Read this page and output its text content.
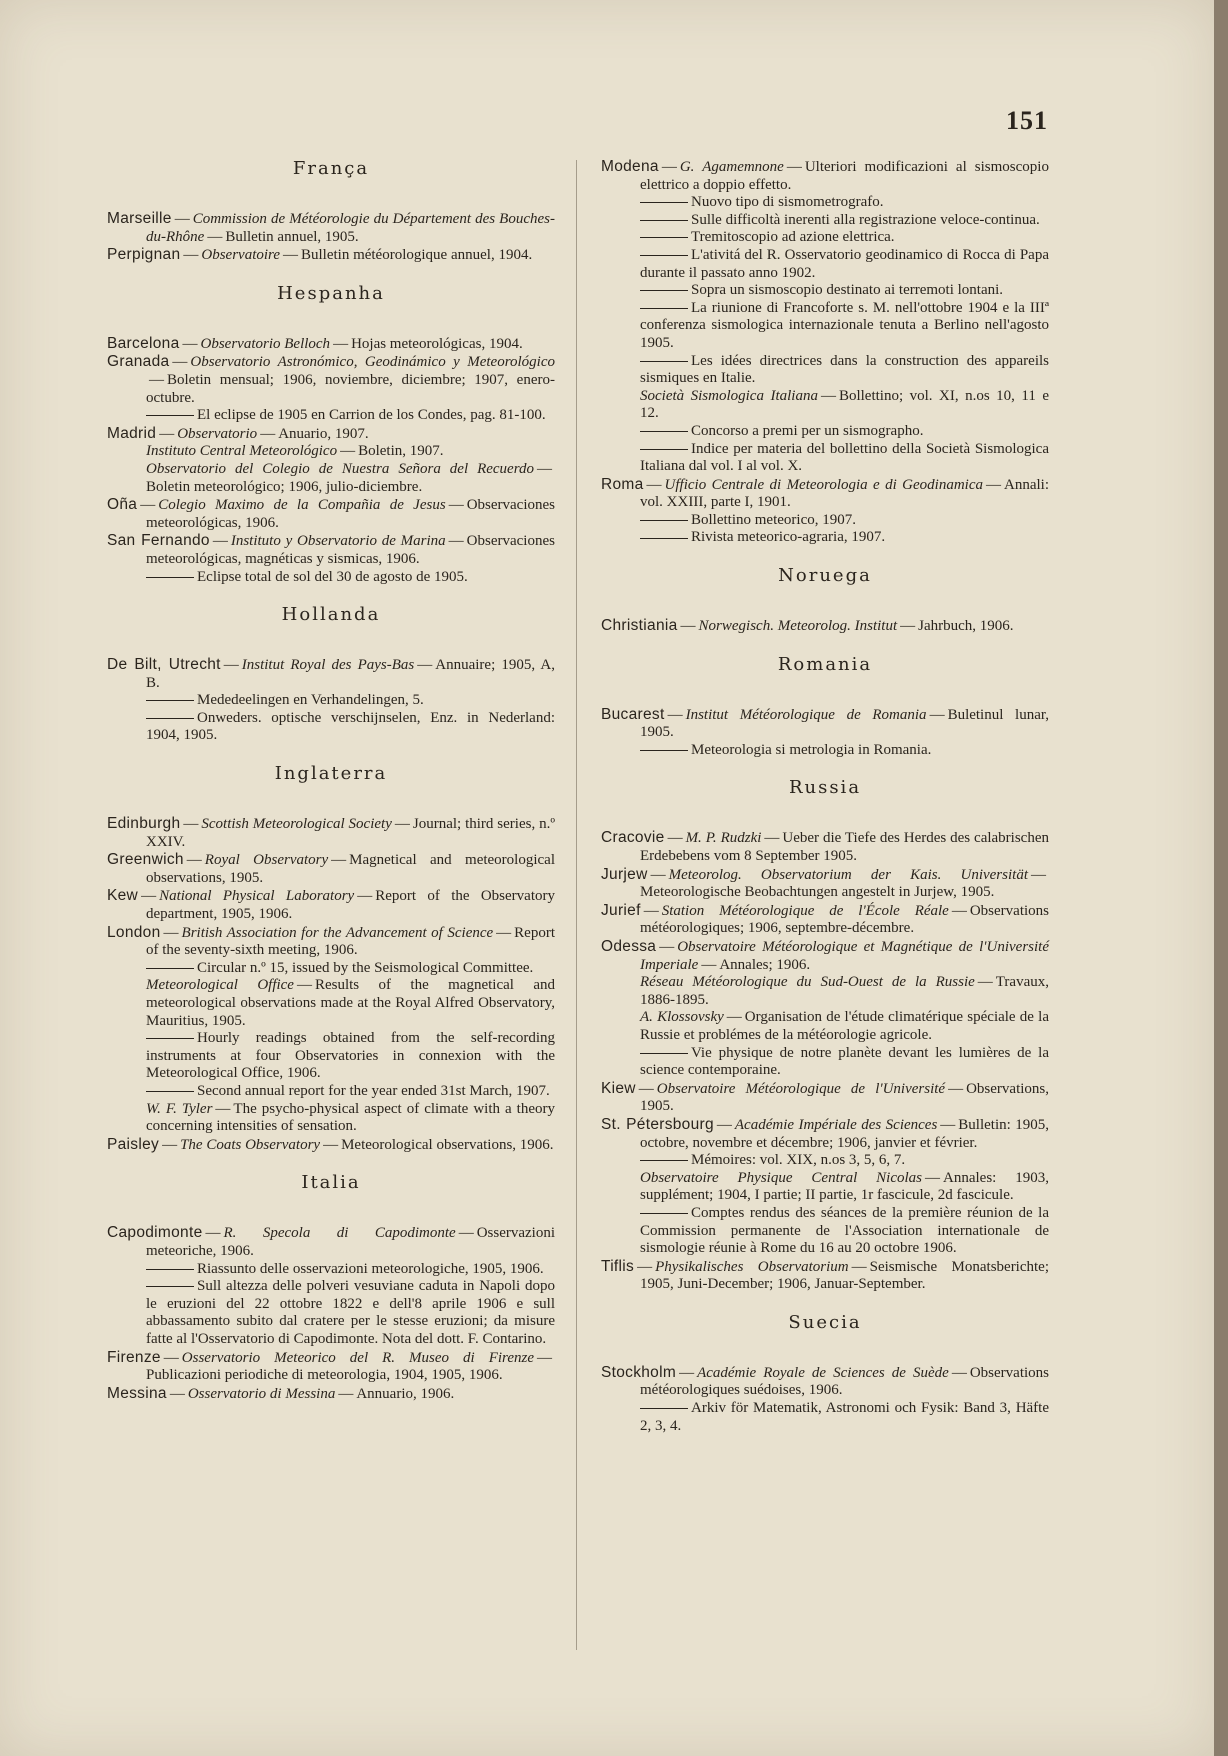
151
França

Marseille — Commission de Météorologie du Département des Bouches-du-Rhône — Bulletin annuel, 1905.

Perpignan — Observatoire — Bulletin météorologique annuel, 1904.

Hespanha

Barcelona — Observatorio Belloch — Hojas meteorológicas, 1904.

Granada — Observatorio Astronómico, Geodinámico y Meteorológico— Boletin mensual; 1906, noviembre, diciembre; 1907, enero-octubre.

El eclipse de 1905 en Carrion de los Condes, pag. 81-100.

Madrid — Observatorio — Anuario, 1907.

Instituto Central Meteorológico — Boletin, 1907.

Observatorio del Colegio de Nuestra Señora del Recuerdo —Boletin meteorológico; 1906, julio-diciembre.

Oña — Colegio Maximo de la Compañia de Jesus — Observaciones meteorológicas, 1906.

San Fernando — Instituto y Observatorio de Marina — Observaciones meteorológicas, magnéticas y sismicas, 1906.

Eclipse total de sol del 30 de agosto de 1905.

Hollanda

De Bilt, Utrecht — Institut Royal des Pays-Bas — Annuaire; 1905, A, B.

Mededeelingen en Verhandelingen, 5.

Onweders. optische verschijnselen, Enz. in Nederland: 1904, 1905.

Inglaterra

Edinburgh — Scottish Meteorological Society — Journal; third series, n.º XXIV.

Greenwich — Royal Observatory — Magnetical and meteorological observations, 1905.

Kew — National Physical Laboratory — Report of the Observatory department, 1905, 1906.

London — British Association for the Advancement of Science — Report of the seventy-sixth meeting, 1906.

Circular n.º 15, issued by the Seismological Committee.

Meteorological Office — Results of the magnetical and meteorological observations made at the Royal Alfred Observatory, Mauritius, 1905.

Hourly readings obtained from the self-recording instruments at four Observatories in connexion with the Meteorological Office, 1906.

Second annual report for the year ended 31st March, 1907.

W. F. Tyler — The psycho-physical aspect of climate with a theory concerning intensities of sensation.

Paisley — The Coats Observatory — Meteorological observations, 1906.

Italia

Capodimonte — R. Specola di Capodimonte — Osservazioni meteoriche, 1906.

Riassunto delle osservazioni meteorologiche, 1905, 1906.

Sull altezza delle polveri vesuviane caduta in Napoli dopo le eruzioni del 22 ottobre 1822 e dell'8 aprile 1906 e sull abbassamento subito dal cratere per le stesse eruzioni; da misure fatte al l'Osservatorio di Capodimonte. Nota del dott. F. Contarino.

Firenze — Osservatorio Meteorico del R. Museo di Firenze —Publicazioni periodiche di meteorologia, 1904, 1905, 1906.

Messina — Osservatorio di Messina — Annuario, 1906.

Modena — G. Agamemnone — Ulteriori modificazioni al sismoscopio elettrico a doppio effetto.

Nuovo tipo di sismometrografo.

Sulle difficoltà inerenti alla registrazione veloce-continua.

Tremitoscopio ad azione elettrica.

L'ativitá del R. Osservatorio geodinamico di Rocca di Papa durante il passato anno 1902.

Sopra un sismoscopio destinato ai terremoti lontani.

La riunione di Francoforte s. M. nell'ottobre 1904 e la IIIª conferenza sismologica internazionale tenuta a Berlino nell'agosto 1905.

Les idées directrices dans la construction des appareils sismiques en Italie.

Società Sismologica Italiana — Bollettino; vol. XI, n.os 10, 11 e 12.

Concorso a premi per un sismographo.

Indice per materia del bollettino della Società Sismologica Italiana dal vol. I al vol. X.

Roma — Ufficio Centrale di Meteorologia e di Geodinamica — Annali: vol. XXIII, parte I, 1901.

Bollettino meteorico, 1907.

Rivista meteorico-agraria, 1907.

Noruega

Christiania — Norwegisch. Meteorolog. Institut — Jahrbuch, 1906.

Romania

Bucarest — Institut Météorologique de Romania — Buletinul lunar, 1905.

Meteorologia si metrologia in Romania.

Russia

Cracovie — M. P. Rudzki — Ueber die Tiefe des Herdes des calabrischen Erdebebens vom 8 September 1905.

Jurjew — Meteorolog. Observatorium der Kais. Universität —Meteorologische Beobachtungen angestelt in Jurjew, 1905.

Jurief — Station Météorologique de l'École Réale — Observations météorologiques; 1906, septembre-décembre.

Odessa — Observatoire Météorologique et Magnétique de l'Université Imperiale — Annales; 1906.

Réseau Météorologique du Sud-Ouest de la Russie — Travaux, 1886-1895.

A. Klossovsky — Organisation de l'étude climatérique spéciale de la Russie et problémes de la météorologie agricole.

Vie physique de notre planète devant les lumières de la science contemporaine.

Kiew — Observatoire Météorologique de l'Université — Observations, 1905.

St. Pétersbourg — Académie Impériale des Sciences — Bulletin: 1905, octobre, novembre et décembre; 1906, janvier et février.

Mémoires: vol. XIX, n.os 3, 5, 6, 7.

Observatoire Physique Central Nicolas — Annales: 1903, supplément; 1904, I partie; II partie, 1r fascicule, 2d fascicule.

Comptes rendus des séances de la première réunion de la Commission permanente de l'Association internationale de sismologie réunie à Rome du 16 au 20 octobre 1906.

Tiflis — Physikalisches Observatorium — Seismische Monatsberichte; 1905, Juni-December; 1906, Januar-September.

Suecia

Stockholm — Académie Royale de Sciences de Suède — Observations météorologiques suédoises, 1906.

Arkiv för Matematik, Astronomi och Fysik: Band 3, Häfte 2, 3, 4.
